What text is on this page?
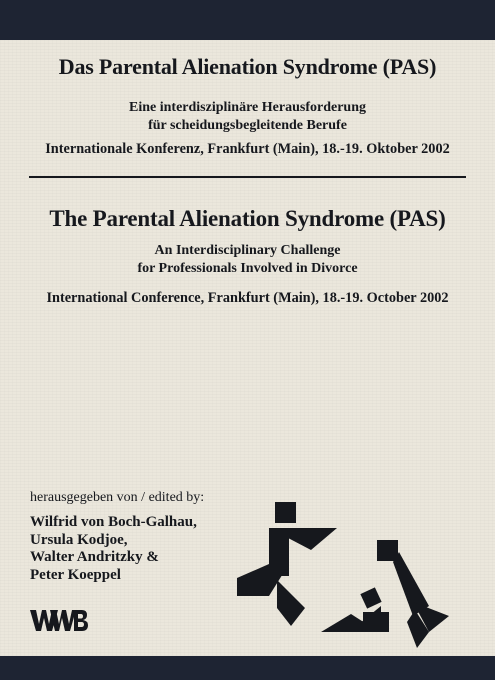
Das Parental Alienation Syndrome (PAS)
Eine interdisziplinäre Herausforderung
für scheidungsbegleitende Berufe
Internationale Konferenz, Frankfurt (Main), 18.-19. Oktober 2002
The Parental Alienation Syndrome (PAS)
An Interdisciplinary Challenge
for Professionals Involved in Divorce
International Conference, Frankfurt (Main), 18.-19. October 2002
herausgegeben von / edited by:
Wilfrid von Boch-Galhau,
Ursula Kodjoe,
Walter Andritzky &
Peter Koeppel
